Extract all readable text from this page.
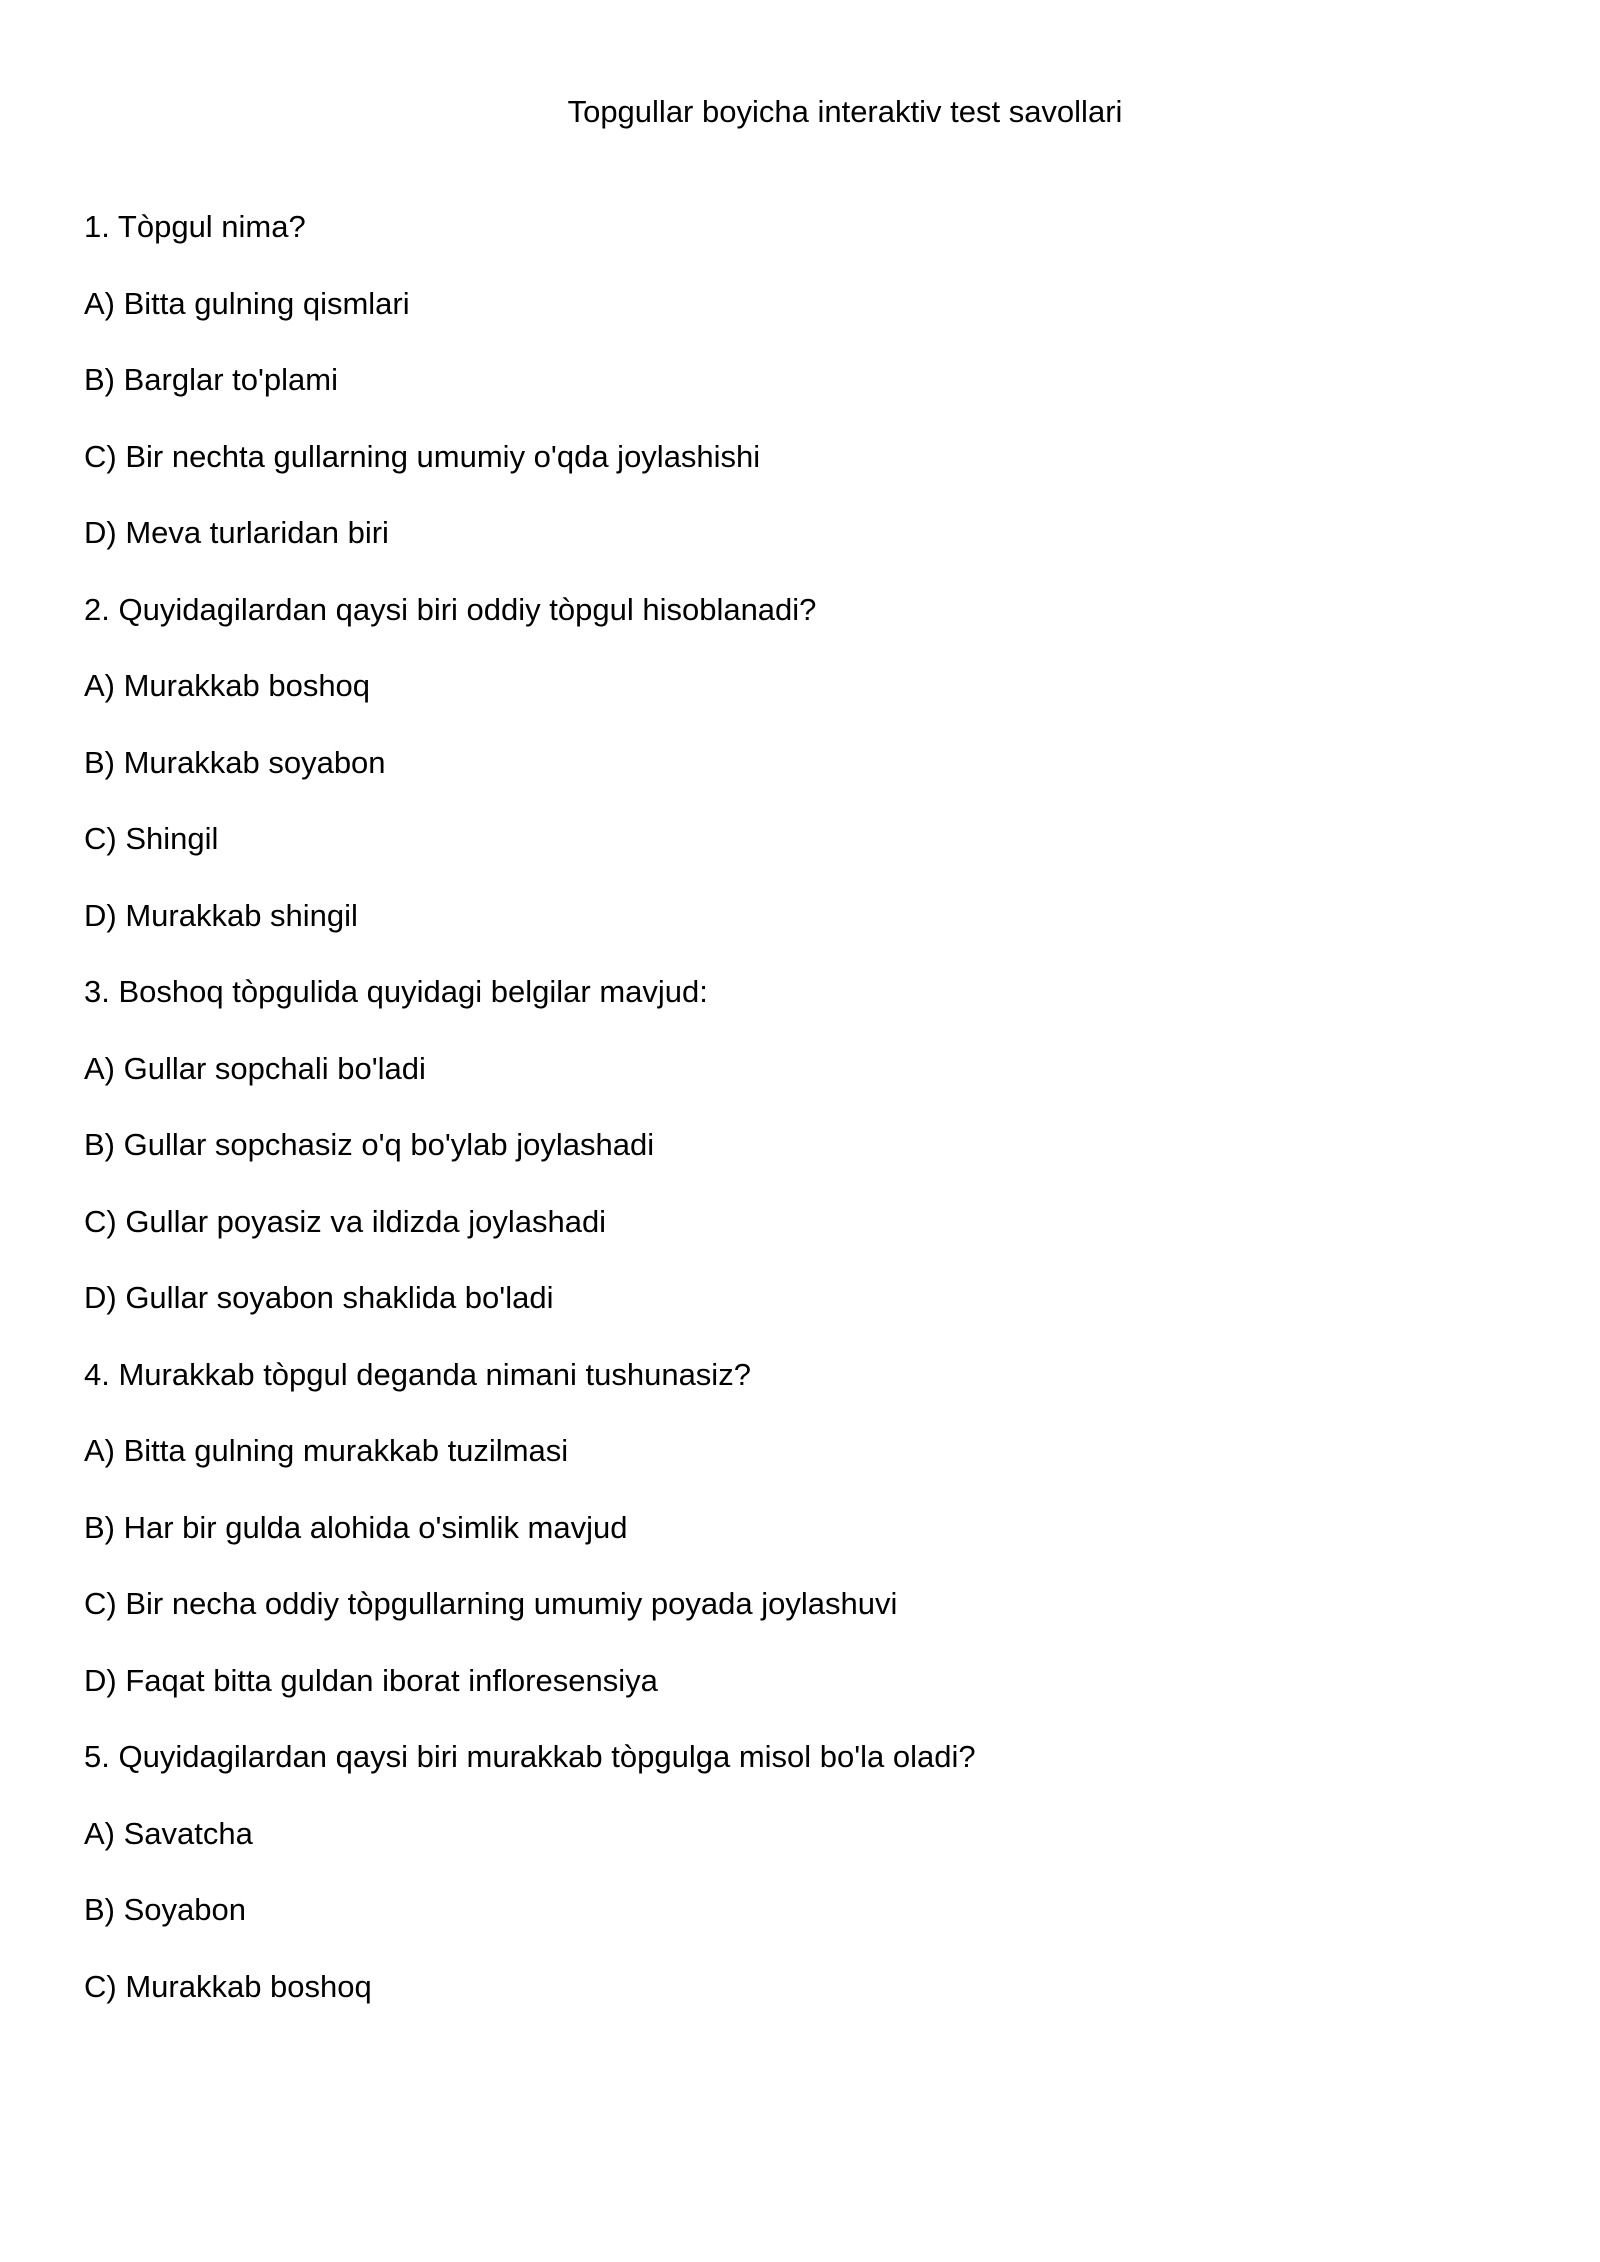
Topgullar boyicha interaktiv test savollari
1. Tòpgul nima?
A) Bitta gulning qismlari
B) Barglar to'plami
C) Bir nechta gullarning umumiy o'qda joylashishi
D) Meva turlaridan biri
2. Quyidagilardan qaysi biri oddiy tòpgul hisoblanadi?
A) Murakkab boshoq
B) Murakkab soyabon
C) Shingil
D) Murakkab shingil
3. Boshoq tòpgulida quyidagi belgilar mavjud:
A) Gullar sopchali bo'ladi
B) Gullar sopchasiz o'q bo'ylab joylashadi
C) Gullar poyasiz va ildizda joylashadi
D) Gullar soyabon shaklida bo'ladi
4. Murakkab tòpgul deganda nimani tushunasiz?
A) Bitta gulning murakkab tuzilmasi
B) Har bir gulda alohida o'simlik mavjud
C) Bir necha oddiy tòpgullarning umumiy poyada joylashuvi
D) Faqat bitta guldan iborat infloresensiya
5. Quyidagilardan qaysi biri murakkab tòpgulga misol bo'la oladi?
A) Savatcha
B) Soyabon
C) Murakkab boshoq
